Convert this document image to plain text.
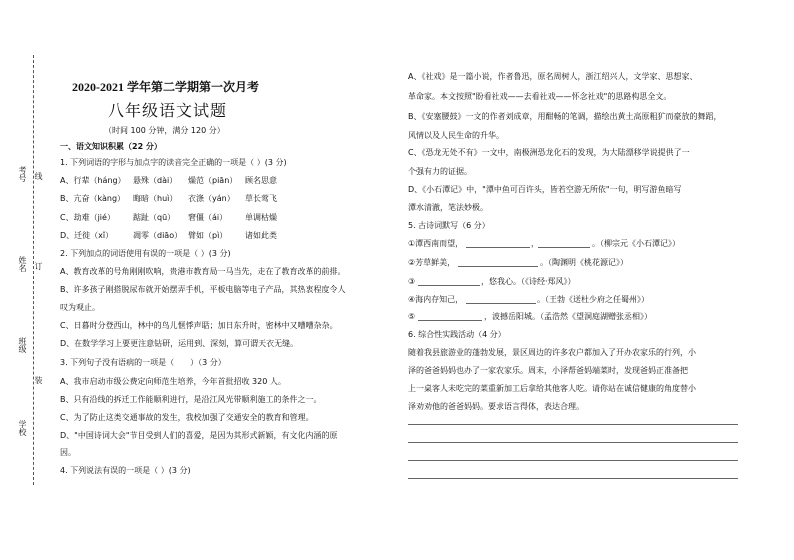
考号 线
姓名 订
班级
装
学校
2020-2021 学年第二学期第一次月考
八年级语文试题
（时间 100 分钟，满分 120 分）
一、语文知识积累（22 分）
1. 下列词语的字形与加点字的读音完全正确的一项是（ ）(3 分)
A、行辈（háng） 悬殊（dài） 燥范（piān） 顾名思意
B、亢奋（kàng） 晦暗（huì） 衣涤（yán） 草长莺飞
C、劫难（jié） 踮趾（qū） 窘僵（ái） 单调枯燥
D、迁徙（xǐ） 凋零（diāo） 臂如（pì） 诸如此类
2. 下列加点的词语使用有误的一项是（ ）(3 分)
A、教育改革的号角刚刚吹响，贵港市教育局一马当先，走在了教育改革的前排。
B、许多孩子刚搭脱尿布就开始摆弄手机，平板电脑等电子产品，其热衷程度令人
叹为观止。
C、日暮时分登西山，林中的鸟儿惬悸声聒；加日东升时，密林中又嘈嘈杂杂。
D、在数学学习上要更注意钻研，运用到、深刻，算可谓天衣无缝。
3. 下列句子没有语病的一项是（　　）（3 分）
A、我市启动市级公费定向师范生培养，今年首批招收 320 人。
B、只有沿线的拆迁工作能顺利进行，是沿江风光带顺利施工的条件之一。
C、为了防止这类交通事故的发生，我校加强了交通安全的教育和管理。
D、"中国诗词大会"节目受到人们的喜爱，是因为其形式新颖，有文化内涵的原
因。
4. 下列说法有误的一项是（ ）(3 分)
A、《社戏》是一篇小说，作者鲁迅，原名周树人，浙江绍兴人，文学家、思想家、
革命家。本文按照"盼看社戏——去看社戏——怀念社戏"的思路构思全文。
B、《安塞腰鼓》一文的作者刘成章，用酣畅的笔调，描绘出黄土高原粗犷而豪放的舞蹈，
风情以及人民生命的升华。
C、《恐龙无处不有》一文中，南极洲恐龙化石的发现，为大陆漂移学说提供了一
个强有力的证据。
D、《小石潭记》中，"潭中鱼可百许头，皆若空游无所依"一句，明写游鱼暗写
潭水清澈，笔法妙极。
5. 古诗词默写（6 分）
①潭西南而望，	，	。（柳宗元《小石潭记》）
②芳草鲜美，	。（陶渊明《桃花源记》）
③	，悠我心。（《诗经·郑风》）
④海内存知己，	。（王勃《送杜少府之任蜀州》）
⑤	，波撼岳阳城。（孟浩然《望洞庭湖赠张丞相》）
6. 综合性实践活动（4 分）
随着我县旅游业的蓬勃发展，景区周边的许多农户都加入了开办农家乐的行列，小
泽的爸爸妈妈也办了一家农家乐。周末，小泽帮爸妈端菜时，发现爸妈正准备把
上一桌客人未吃完的菜重新加工后拿给其他客人吃。请你站在诚信健康的角度替小
泽劝劝他的爸爸妈妈。要求语言得体，表达合理。
